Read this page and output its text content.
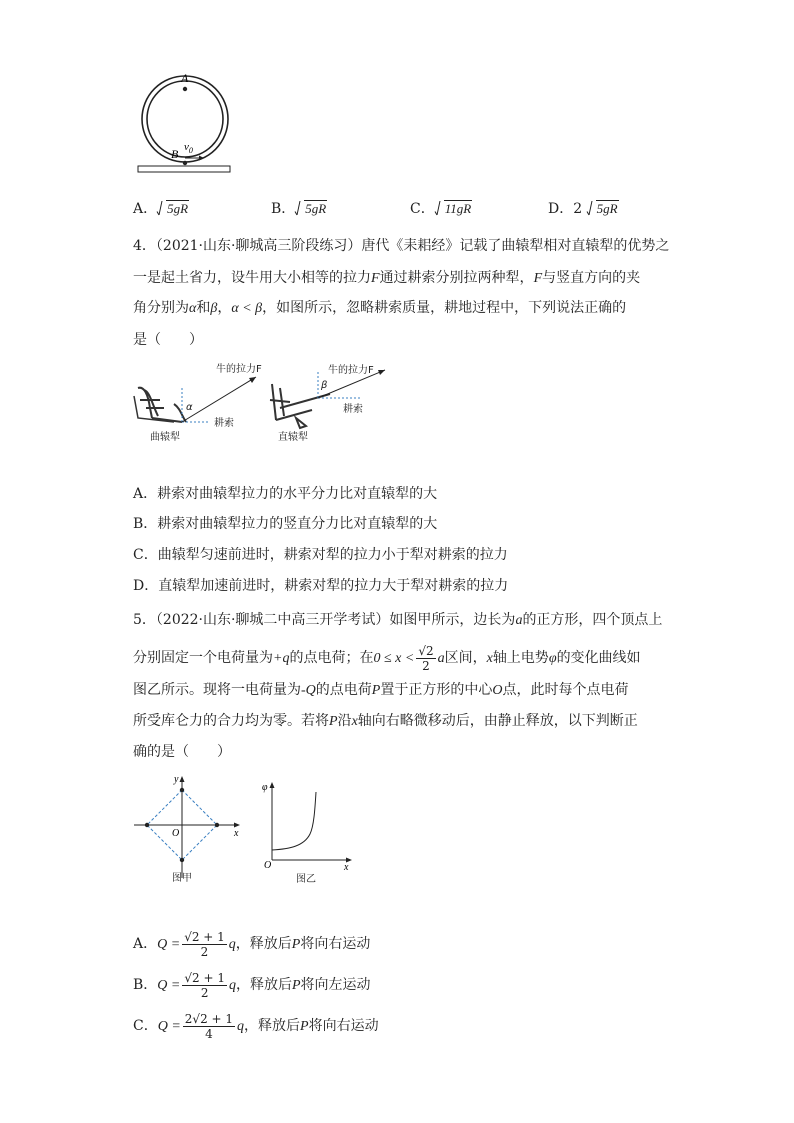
A
B $v_0$
A． 5gR	B． 5gR	C． 11gR	D．2 5gR
4．（2021·山东·聊城高三阶段练习）唐代《耒耜经》记载了曲辕犁相对直辕犁的优势之
一是起土省力，设牛用大小相等的拉力F通过耕索分别拉两种犁，F与竖直方向的夹
角分别为α和β，α < β，如图所示，忽略耕索质量，耕地过程中，下列说法正确的
是（　　）
牛的拉力F
α
耕索
曲辕犁
牛的拉力F
β
耕索
直辕犁
A．耕索对曲辕犁拉力的水平分力比对直辕犁的大
B．耕索对曲辕犁拉力的竖直分力比对直辕犁的大
C．曲辕犁匀速前进时，耕索对犁的拉力小于犁对耕索的拉力
D．直辕犁加速前进时，耕索对犁的拉力大于犁对耕索的拉力
5．（2022·山东·聊城二中高三开学考试）如图甲所示，边长为a的正方形，四个顶点上
分别固定一个电荷量为+q的点电荷；在$0 \le x < \frac{√2}{2}$ a区间，x轴上电势φ的变化曲线如
图乙所示。现将一电荷量为-Q的点电荷P置于正方形的中心O点，此时每个点电荷
所受库仑力的合力均为零。若将P沿x轴向右略微移动后，由静止释放，以下判断正
确的是（　　）
y
x
O
图甲
φ
O	x
图乙
A．$Q = \frac{√2 + 1}{2}$ q，释放后P将向右运动
B．$Q = \frac{√2 + 1}{2}$ q，释放后P将向左运动
C．$Q = \frac{2√2 + 1}{4}$ q，释放后P将向右运动
